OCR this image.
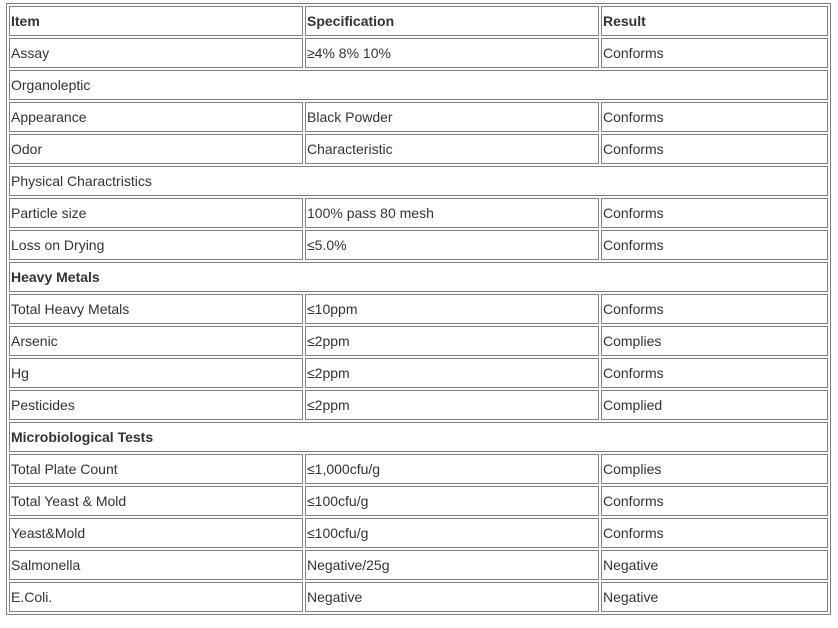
Item	Specification	Result
Assay	≥4% 8% 10%	Conforms
Organoleptic		
Appearance	Black Powder	Conforms
Odor	Characteristic	Conforms
Physical Charactristics		
Particle size	100% pass 80 mesh	Conforms
Loss on Drying	≤5.0%	Conforms
Heavy Metals		
Total Heavy Metals	≤10ppm	Conforms
Arsenic	≤2ppm	Complies
Hg	≤2ppm	Conforms
Pesticides	≤2ppm	Complied
Microbiological Tests		
Total Plate Count	≤1,000cfu/g	Complies
Total Yeast & Mold	≤100cfu/g	Conforms
Yeast&Mold	≤100cfu/g	Conforms
Salmonella	Negative/25g	Negative
E.Coli.	Negative	Negative
